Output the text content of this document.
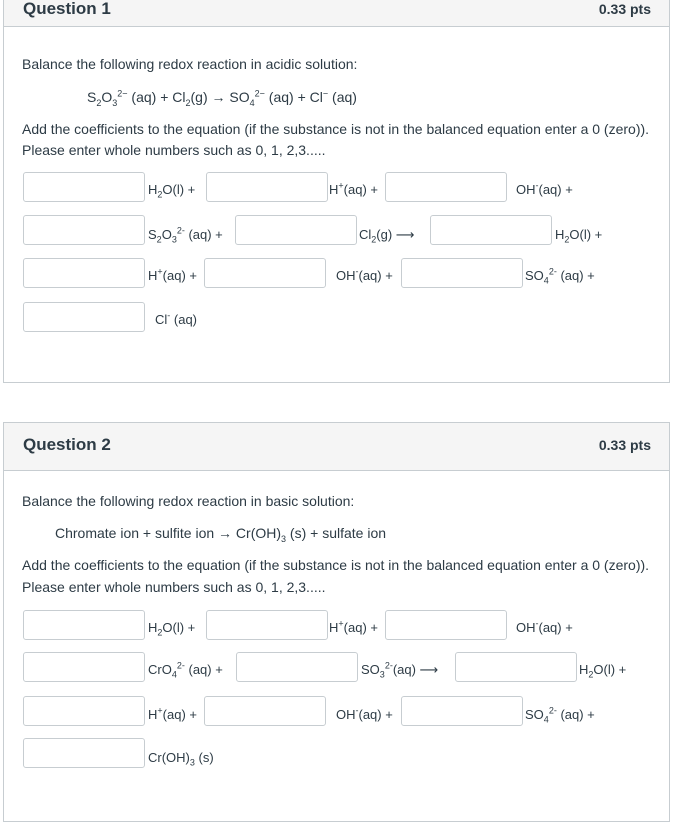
Question 1	0.33 pts
Balance the following redox reaction in acidic solution:
$S_2O_3^{2-}$ $(aq) + Cl_2(g) \to SO_4^{2-}$ (aq) + Cl− (aq)
Add the coefficients to the equation (if the substance is not in the balanced equation enter a 0 (zero)).
Please enter whole numbers such as 0, 1, 2,3.....
$H_2O(l)$ +	H+(aq) +	OH-(aq) +
$S_2O_3^{2-}$ (aq) +	$Cl_2(g)$ ⟶	$H_2O(l)$ +
H+(aq) +	OH-(aq) +	$SO_4^{2-}$ (aq) +
Cl- (aq)
Question 2	0.33 pts
Balance the following redox reaction in basic solution:
Chromate ion + sulfite ion → $Cr(OH)_3$ (s) + sulfate ion
Add the coefficients to the equation (if the substance is not in the balanced equation enter a 0 (zero)).
Please enter whole numbers such as 0, 1, 2,3.....
$H_2O(l)$ +	H+(aq) +	OH-(aq) +
CrO$_4^{2-}$ (aq) +	$SO_3^{2-}(aq)$ ⟶	$H_2O(l)$ +
H+(aq) +	OH-(aq) +	$SO_4^{2-}$ (aq) +
$Cr(OH)_3$ (s)
